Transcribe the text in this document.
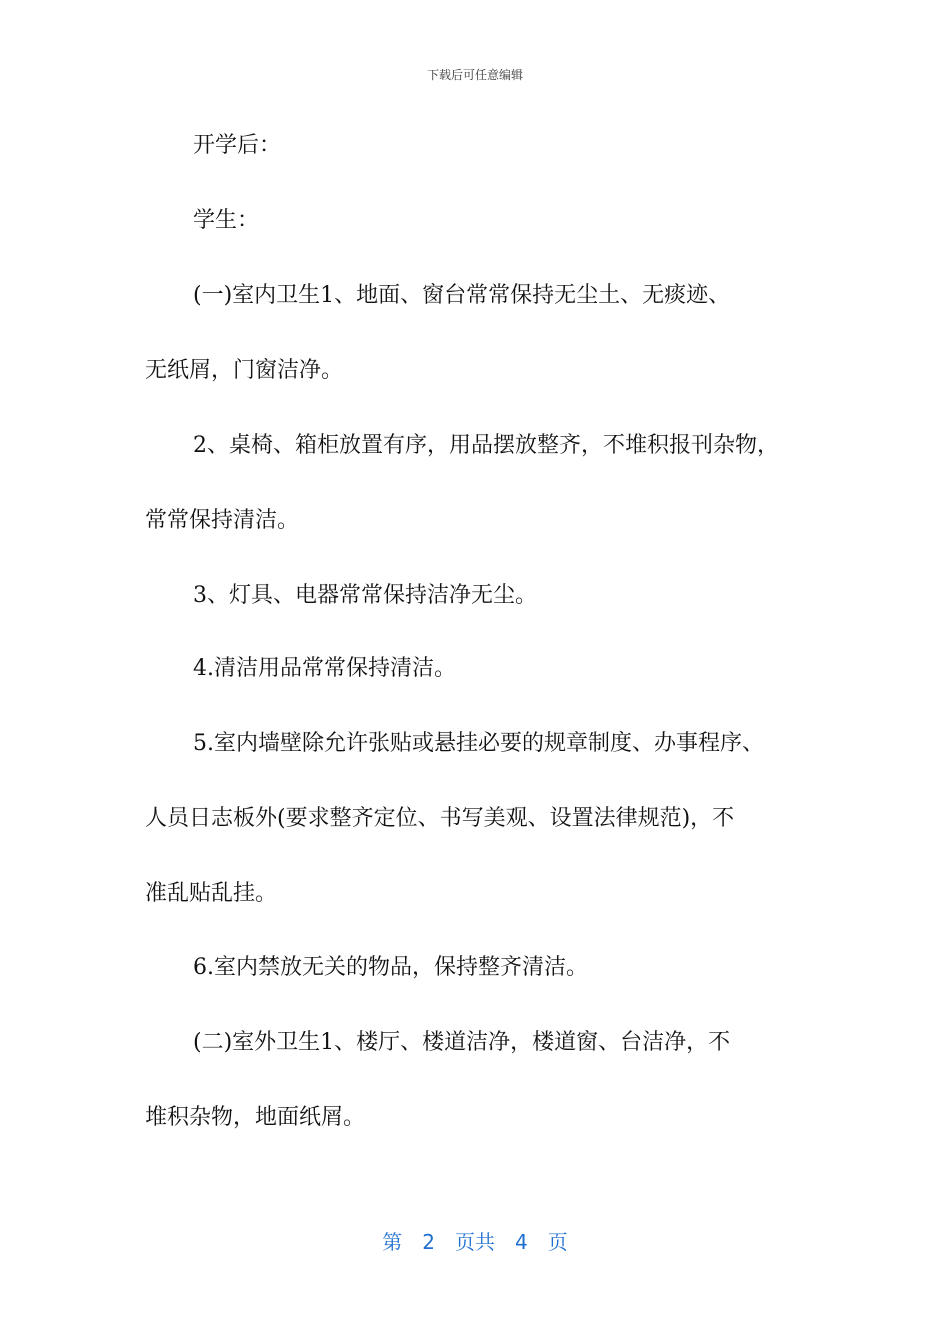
下载后可任意编辑
开学后：
学生：
(一)室内卫生1、地面、窗台常常保持无尘土、无痰迹、
无纸屑，门窗洁净。
2、桌椅、箱柜放置有序，用品摆放整齐，不堆积报刊杂物，
常常保持清洁。
3、灯具、电器常常保持洁净无尘。
4.清洁用品常常保持清洁。
5.室内墙壁除允许张贴或悬挂必要的规章制度、办事程序、
人员日志板外(要求整齐定位、书写美观、设置法律规范)，不
准乱贴乱挂。
6.室内禁放无关的物品，保持整齐清洁。
(二)室外卫生1、楼厅、楼道洁净，楼道窗、台洁净，不
堆积杂物，地面纸屑。
第 2 页共 4 页
